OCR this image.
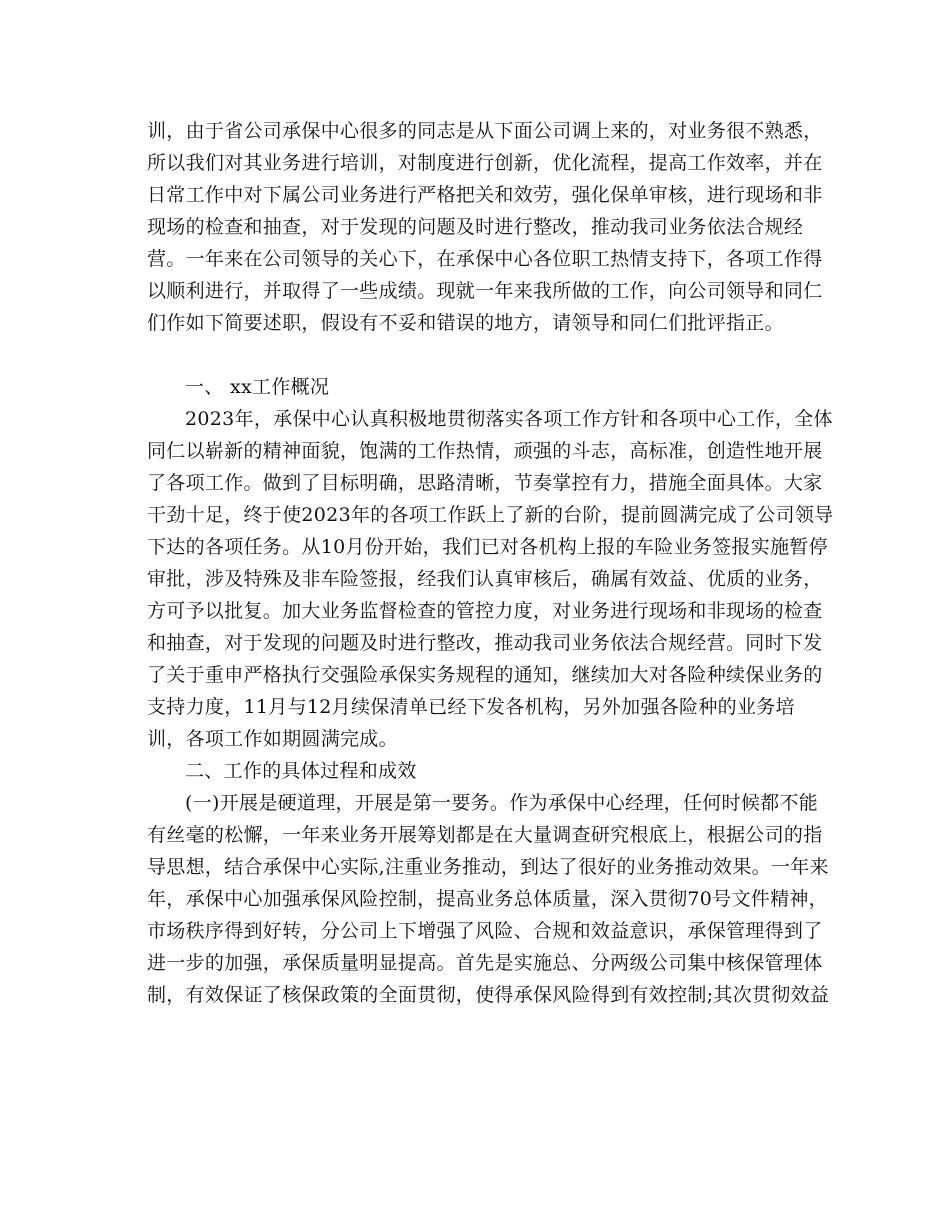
训，由于省公司承保中心很多的同志是从下面公司调上来的，对业务很不熟悉，
所以我们对其业务进行培训，对制度进行创新，优化流程，提高工作效率，并在
日常工作中对下属公司业务进行严格把关和效劳，强化保单审核，进行现场和非
现场的检查和抽查，对于发现的问题及时进行整改，推动我司业务依法合规经
营。一年来在公司领导的关心下，在承保中心各位职工热情支持下，各项工作得
以顺利进行，并取得了一些成绩。现就一年来我所做的工作，向公司领导和同仁
们作如下简要述职，假设有不妥和错误的地方，请领导和同仁们批评指正。
一、 xx工作概况
2023年，承保中心认真积极地贯彻落实各项工作方针和各项中心工作，全体
同仁以崭新的精神面貌，饱满的工作热情，顽强的斗志，高标准，创造性地开展
了各项工作。做到了目标明确，思路清晰，节奏掌控有力，措施全面具体。大家
干劲十足，终于使2023年的各项工作跃上了新的台阶，提前圆满完成了公司领导
下达的各项任务。从10月份开始，我们已对各机构上报的车险业务签报实施暂停
审批，涉及特殊及非车险签报，经我们认真审核后，确属有效益、优质的业务，
方可予以批复。加大业务监督检查的管控力度，对业务进行现场和非现场的检查
和抽查，对于发现的问题及时进行整改，推动我司业务依法合规经营。同时下发
了关于重申严格执行交强险承保实务规程的通知，继续加大对各险种续保业务的
支持力度，11月与12月续保清单已经下发各机构，另外加强各险种的业务培
训，各项工作如期圆满完成。
二、工作的具体过程和成效
(一)开展是硬道理，开展是第一要务。作为承保中心经理，任何时候都不能
有丝毫的松懈，一年来业务开展筹划都是在大量调查研究根底上，根据公司的指
导思想，结合承保中心实际,注重业务推动，到达了很好的业务推动效果。一年来
年，承保中心加强承保风险控制，提高业务总体质量，深入贯彻70号文件精神，
市场秩序得到好转，分公司上下增强了风险、合规和效益意识，承保管理得到了
进一步的加强，承保质量明显提高。首先是实施总、分两级公司集中核保管理体
制，有效保证了核保政策的全面贯彻，使得承保风险得到有效控制;其次贯彻效益
